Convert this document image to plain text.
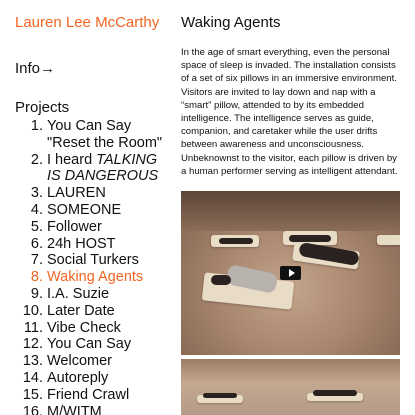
Lauren Lee McCarthy
Info→
Projects
1. You Can Say "Reset the Room"
2. I heard TALKING IS DANGEROUS
3. LAUREN
4. SOMEONE
5. Follower
6. 24h HOST
7. Social Turkers
8. Waking Agents
9. I.A. Suzie
10. Later Date
11. Vibe Check
12. You Can Say
13. Welcomer
14. Autoreply
15. Friend Crawl
16. M/WITM
Waking Agents

In the age of smart everything, even the personal space of sleep is invaded. The installation consists of a set of six pillows in an immersive environment. Visitors are invited to lay down and nap with a “smart” pillow, attended to by its embedded intelligence. The intelligence serves as guide, companion, and caretaker while the user drifts between awareness and unconsciousness. Unbeknownst to the visitor, each pillow is driven by a human performer serving as intelligent attendant.
